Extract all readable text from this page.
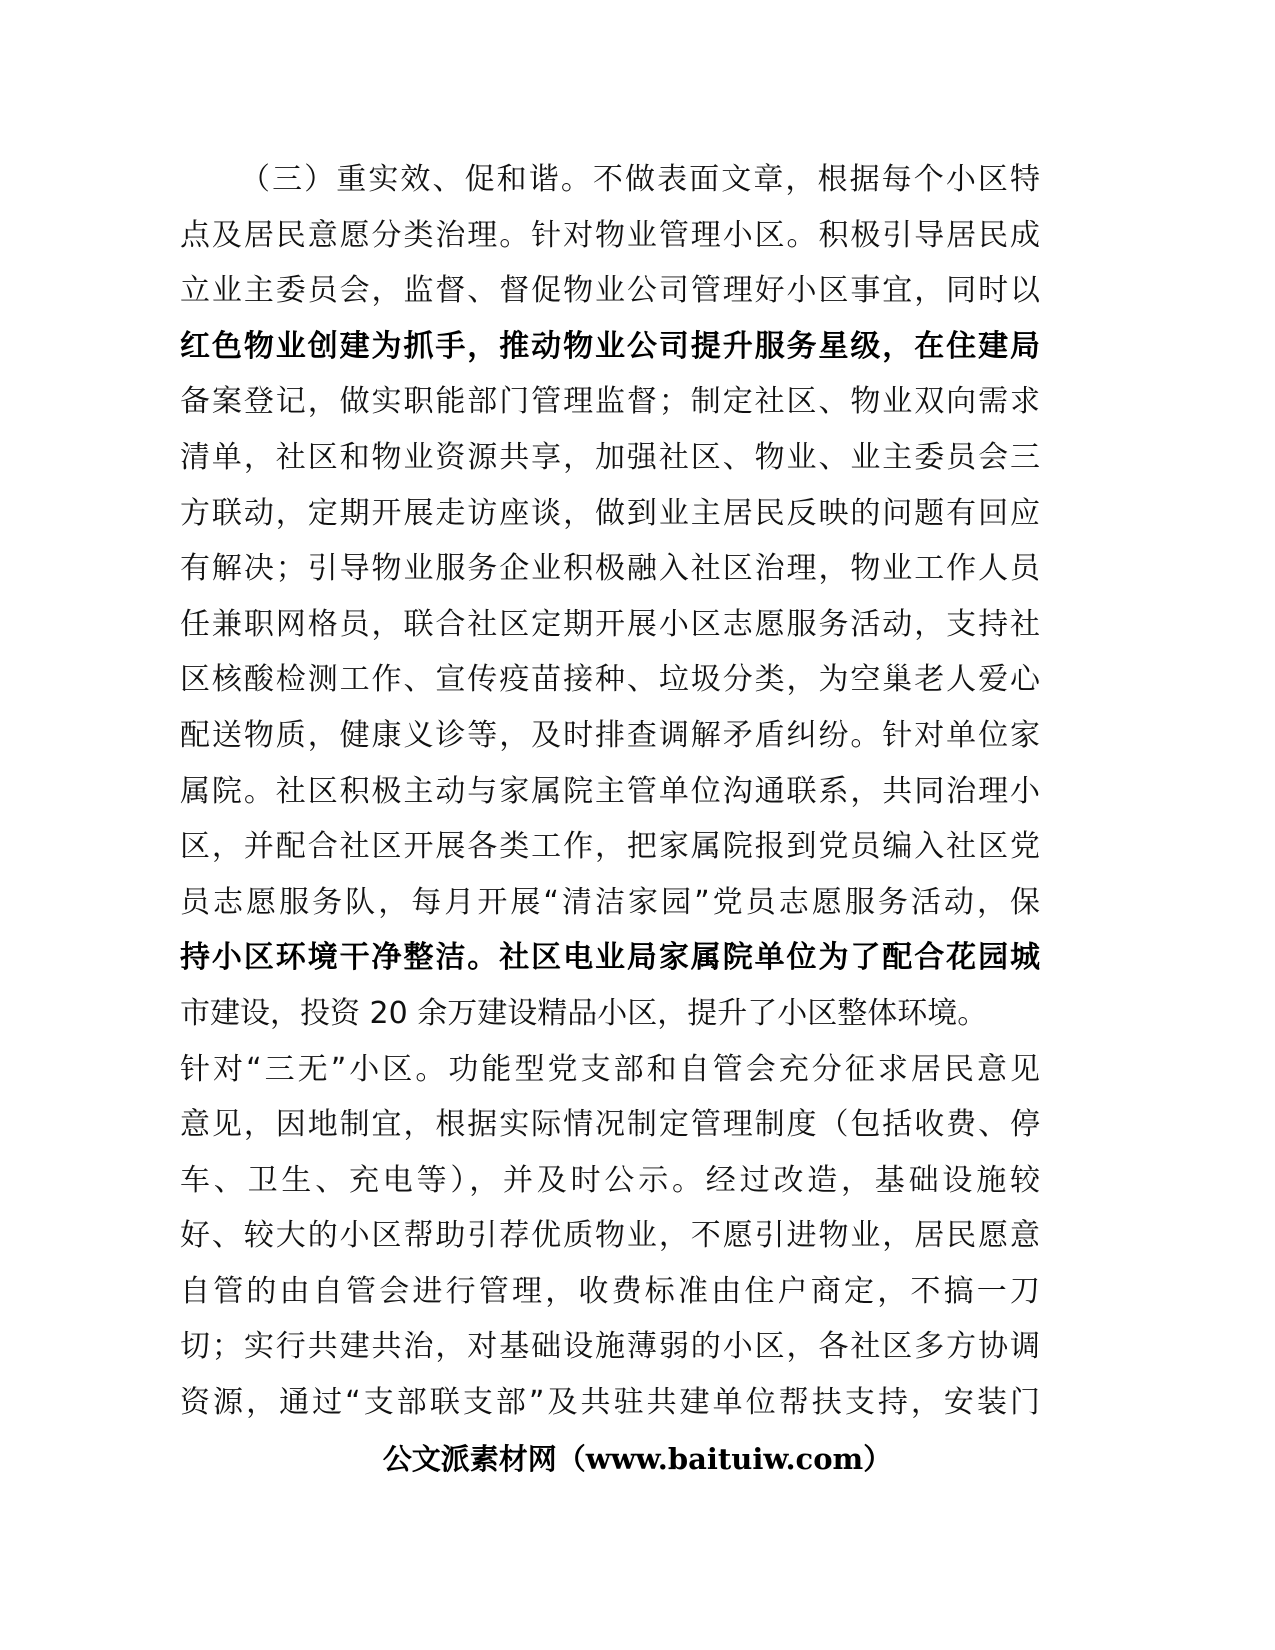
（三）重实效、促和谐。不做表面文章，根据每个小区特
点及居民意愿分类治理。针对物业管理小区。积极引导居民成
立业主委员会，监督、督促物业公司管理好小区事宜，同时以
红色物业创建为抓手，推动物业公司提升服务星级，在住建局
备案登记，做实职能部门管理监督；制定社区、物业双向需求
清单，社区和物业资源共享，加强社区、物业、业主委员会三
方联动，定期开展走访座谈，做到业主居民反映的问题有回应
有解决；引导物业服务企业积极融入社区治理，物业工作人员
任兼职网格员，联合社区定期开展小区志愿服务活动，支持社
区核酸检测工作、宣传疫苗接种、垃圾分类，为空巢老人爱心
配送物质，健康义诊等，及时排查调解矛盾纠纷。针对单位家
属院。社区积极主动与家属院主管单位沟通联系，共同治理小
区，并配合社区开展各类工作，把家属院报到党员编入社区党
员志愿服务队，每月开展“清洁家园”党员志愿服务活动，保
持小区环境干净整洁。社区电业局家属院单位为了配合花园城
市建设，投资 20 余万建设精品小区，提升了小区整体环境。
针对“三无”小区。功能型党支部和自管会充分征求居民意见
意见，因地制宜，根据实际情况制定管理制度（包括收费、停
车、卫生、充电等），并及时公示。经过改造，基础设施较
好、较大的小区帮助引荐优质物业，不愿引进物业，居民愿意
自管的由自管会进行管理，收费标准由住户商定，不搞一刀
切；实行共建共治，对基础设施薄弱的小区，各社区多方协调
资源，通过“支部联支部”及共驻共建单位帮扶支持，安装门
公文派素材网（www.baituiw.com）
